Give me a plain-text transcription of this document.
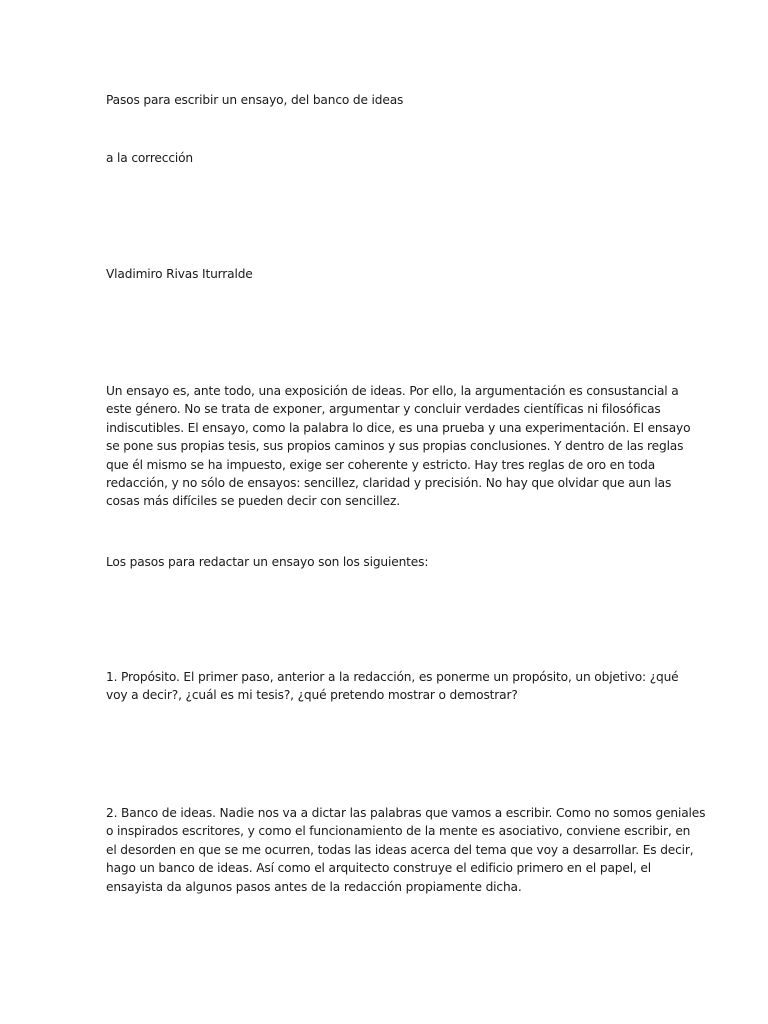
Pasos para escribir un ensayo, del banco de ideas

a la corrección

Vladimiro Rivas Iturralde

Un ensayo es, ante todo, una exposición de ideas. Por ello, la argumentación es consustancial a
este género. No se trata de exponer, argumentar y concluir verdades científicas ni filosóficas
indiscutibles. El ensayo, como la palabra lo dice, es una prueba y una experimentación. El ensayo
se pone sus propias tesis, sus propios caminos y sus propias conclusiones. Y dentro de las reglas
que él mismo se ha impuesto, exige ser coherente y estricto. Hay tres reglas de oro en toda
redacción, y no sólo de ensayos: sencillez, claridad y precisión. No hay que olvidar que aun las
cosas más difíciles se pueden decir con sencillez.

Los pasos para redactar un ensayo son los siguientes:

1. Propósito. El primer paso, anterior a la redacción, es ponerme un propósito, un objetivo: ¿qué
voy a decir?, ¿cuál es mi tesis?, ¿qué pretendo mostrar o demostrar?
2. Banco de ideas. Nadie nos va a dictar las palabras que vamos a escribir. Como no somos geniales
o inspirados escritores, y como el funcionamiento de la mente es asociativo, conviene escribir, en
el desorden en que se me ocurren, todas las ideas acerca del tema que voy a desarrollar. Es decir,
hago un banco de ideas. Así como el arquitecto construye el edificio primero en el papel, el
ensayista da algunos pasos antes de la redacción propiamente dicha.
